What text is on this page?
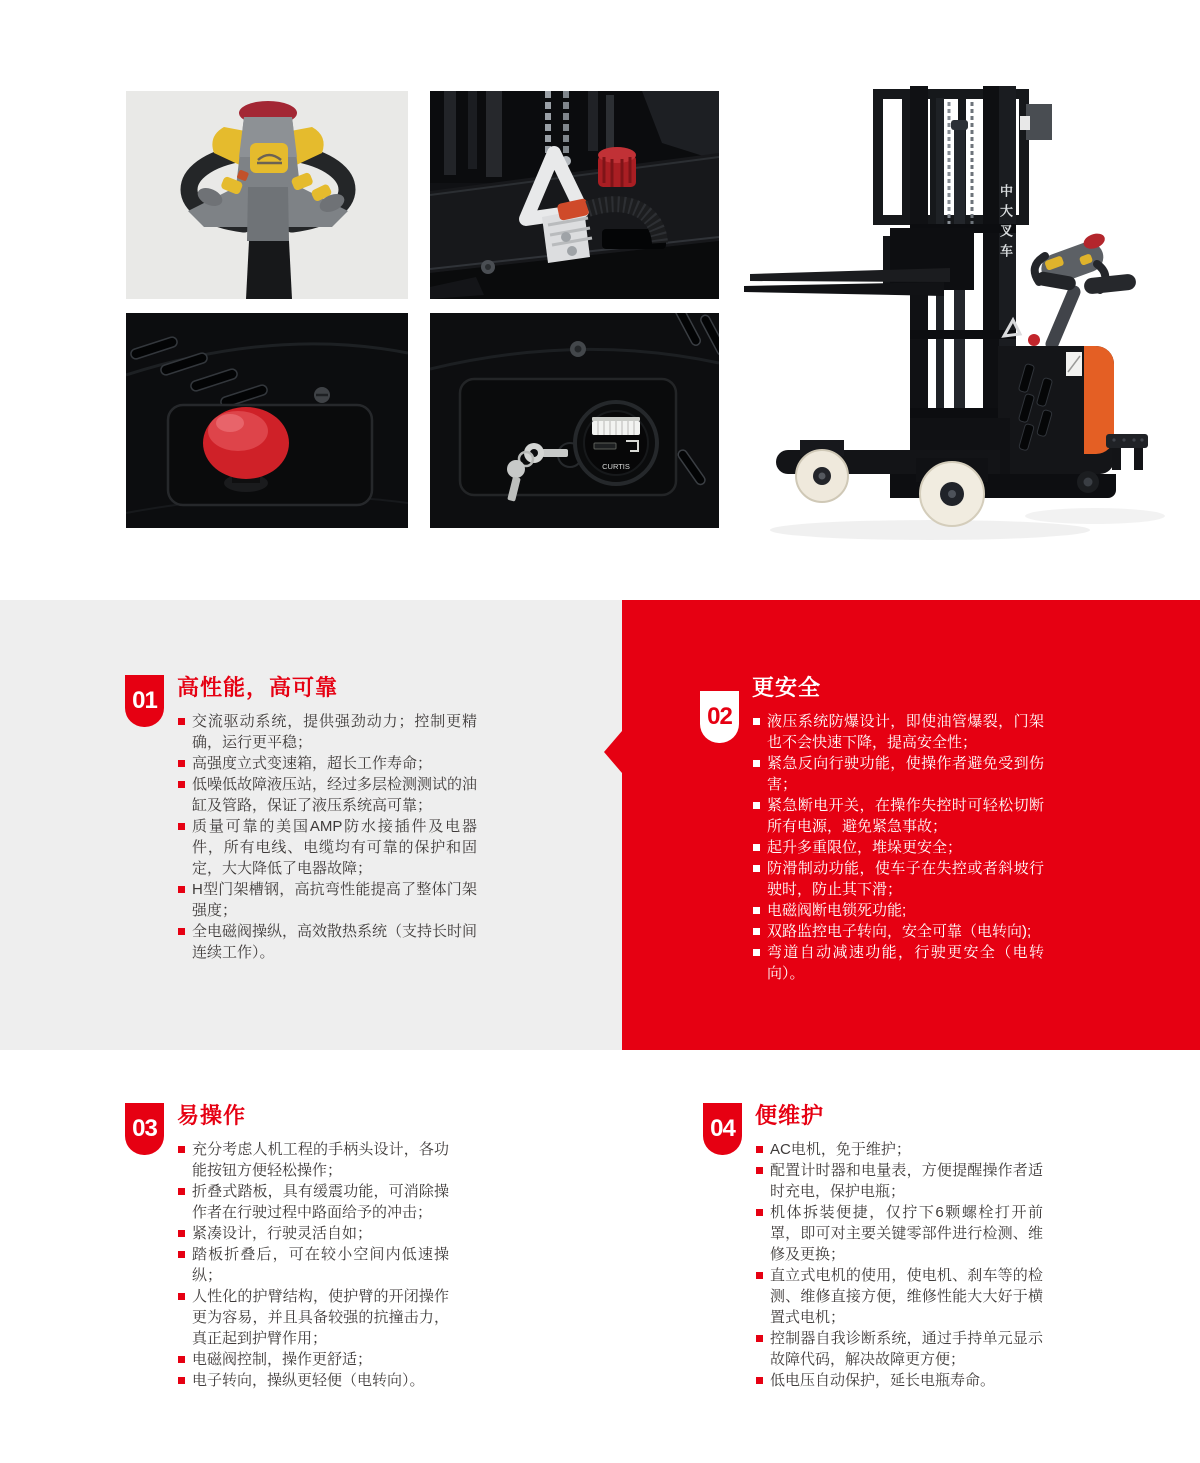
CURTIS
中大叉车
01 高性能，高可靠
交流驱动系统，提供强劲动力；控制更精确，运行更平稳；
高强度立式变速箱，超长工作寿命；
低噪低故障液压站，经过多层检测测试的油缸及管路，保证了液压系统高可靠；
质量可靠的美国AMP防水接插件及电器件，所有电线、电缆均有可靠的保护和固定，大大降低了电器故障；
H型门架槽钢，高抗弯性能提高了整体门架强度；
全电磁阀操纵，高效散热系统（支持长时间连续工作）。
02
更安全
液压系统防爆设计，即使油管爆裂，门架也不会快速下降，提高安全性；
紧急反向行驶功能，使操作者避免受到伤害；
紧急断电开关，在操作失控时可轻松切断所有电源，避免紧急事故；
起升多重限位，堆垛更安全；
防滑制动功能，使车子在失控或者斜坡行驶时，防止其下滑；
电磁阀断电锁死功能;
双路监控电子转向，安全可靠（电转向);
弯道自动减速功能，行驶更安全（电转向）。
03 易操作
充分考虑人机工程的手柄头设计，各功能按钮方便轻松操作；
折叠式踏板，具有缓震功能，可消除操作者在行驶过程中路面给予的冲击；
紧凑设计，行驶灵活自如；
踏板折叠后，可在较小空间内低速操纵；
人性化的护臂结构，使护臂的开闭操作更为容易，并且具备较强的抗撞击力，真正起到护臂作用；
电磁阀控制，操作更舒适；
电子转向，操纵更轻便（电转向）。
04 便维护
AC电机，免于维护；
配置计时器和电量表，方便提醒操作者适时充电，保护电瓶；
机体拆装便捷，仅拧下6颗螺栓打开前罩，即可对主要关键零部件进行检测、维修及更换；
直立式电机的使用，使电机、刹车等的检测、维修直接方便，维修性能大大好于横置式电机；
控制器自我诊断系统，通过手持单元显示故障代码，解决故障更方便；
低电压自动保护，延长电瓶寿命。
